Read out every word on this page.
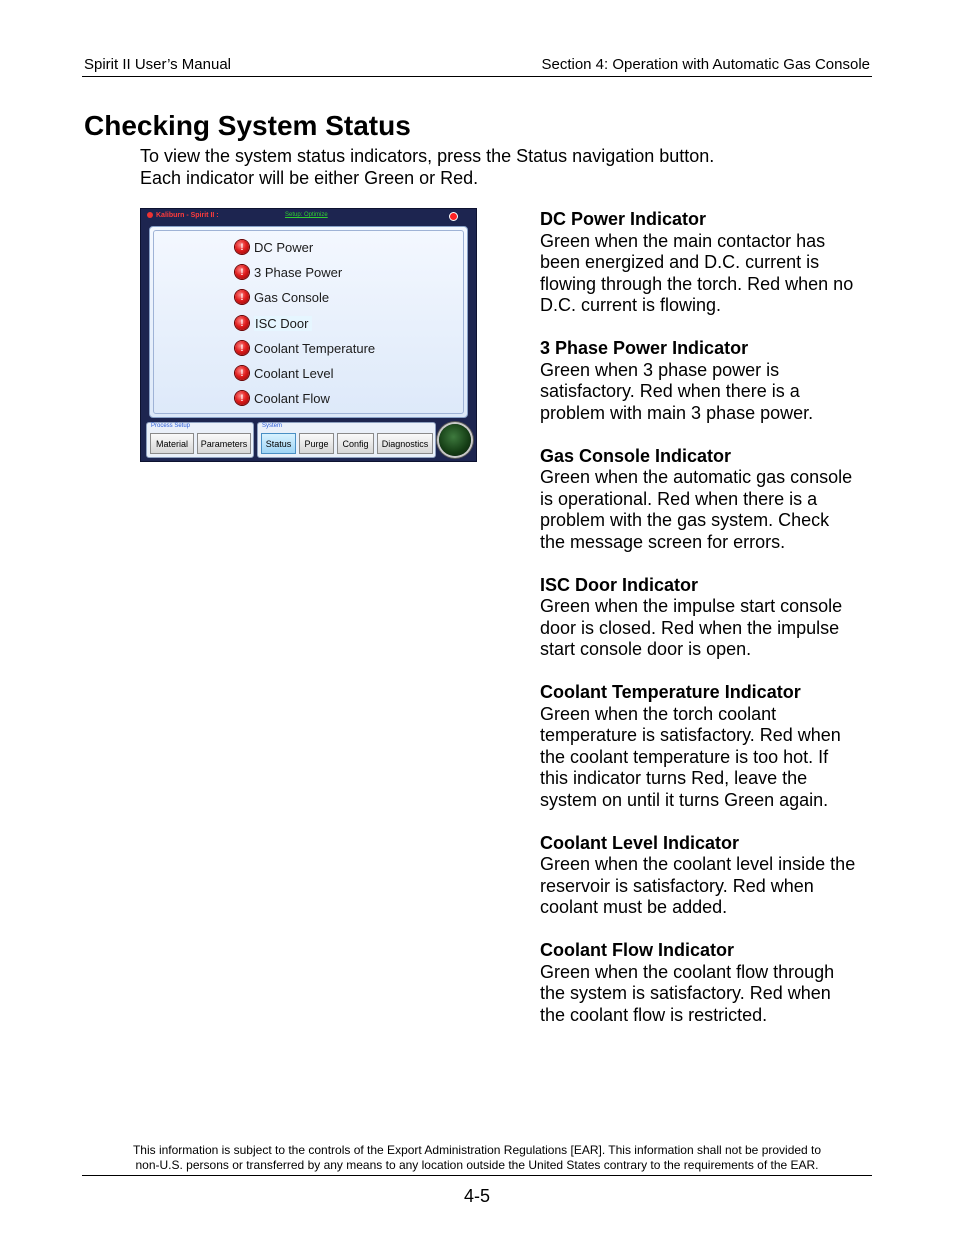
Spirit II User’s Manual	Section 4: Operation with Automatic Gas Console
Checking System Status
To view the system status indicators, press the Status navigation button.
Each indicator will be either Green or Red.
Kaliburn - Spirit II :	Setup: Optimize
!
DC Power
!
3 Phase Power
!
Gas Console
!
ISC Door
!
Coolant Temperature
!
Coolant Level
!
Coolant Flow
Process Setup
Material	Parameters
System
Status	Purge	Config	Diagnostics
DC Power Indicator

Green when the main contactor has
been energized and D.C. current is
flowing through the torch. Red when no
D.C. current is flowing.

3 Phase Power Indicator

Green when 3 phase power is
satisfactory. Red when there is a
problem with main 3 phase power.

Gas Console Indicator

Green when the automatic gas console
is operational. Red when there is a
problem with the gas system. Check
the message screen for errors.

ISC Door Indicator

Green when the impulse start console
door is closed. Red when the impulse
start console door is open.

Coolant Temperature Indicator

Green when the torch coolant
temperature is satisfactory. Red when
the coolant temperature is too hot. If
this indicator turns Red, leave the
system on until it turns Green again.

Coolant Level Indicator

Green when the coolant level inside the
reservoir is satisfactory. Red when
coolant must be added.

Coolant Flow Indicator

Green when the coolant flow through
the system is satisfactory. Red when
the coolant flow is restricted.

This information is subject to the controls of the Export Administration Regulations [EAR]. This information shall not be provided to
non-U.S. persons or transferred by any means to any location outside the United States contrary to the requirements of the EAR.
4-5
